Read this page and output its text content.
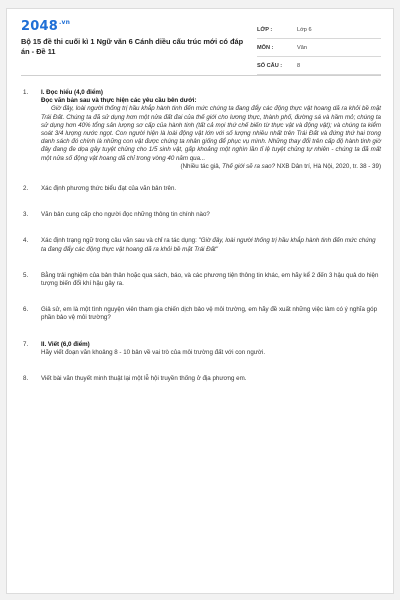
$2048^{.vn}$
Bộ 15 đề thi cuối kì 1 Ngữ văn 6 Cánh diều cấu trúc mới có đáp án - Đề 11
LỚP :	Lớp 6
MÔN :	Văn
SỐ CÂU :	8
1. I. Đọc hiểu (4,0 điểm)
Đọc văn bản sau và thực hiện các yêu cầu bên dưới:
Giờ đây, loài người thống trị hầu khắp hành tinh đến mức chúng ta đang đẩy các động thực vật hoang dã ra khỏi bề mặt Trái Đất. Chúng ta đã sử dụng hơn một nửa đất đai của thế giới cho lương thực, thành phố, đường sá và hầm mỏ; chúng ta sử dụng hơn 40% tổng sản lượng sơ cấp của hành tinh (tất cả mọi thứ chế biến từ thực vật và động vật); và chúng ta kiểm soát 3/4 lượng nước ngọt. Con người hiện là loài động vật lớn với số lượng nhiều nhất trên Trái Đất và đứng thứ hai trong danh sách đó chính là những con vật được chúng ta nhân giống để phục vụ mình. Những thay đổi trên cấp độ hành tinh giờ đây đang đe dọa gây tuyệt chủng cho 1/5 sinh vật, gấp khoảng một nghìn lần tỉ lệ tuyệt chủng tự nhiên - chúng ta đã mất một nửa số động vật hoang dã chỉ trong vòng 40 năm qua...
(Nhiều tác giả, Thế giới sẽ ra sao? NXB Dân trí, Hà Nội, 2020, tr. 38 - 39)
2. Xác định phương thức biểu đạt của văn bản trên.
3. Văn bản cung cấp cho người đọc những thông tin chính nào?
4. Xác định trạng ngữ trong câu văn sau và chỉ ra tác dụng: "Giờ đây, loài người thống trị hầu khắp hành tinh đến mức chúng ta đang đẩy các động thực vật hoang dã ra khỏi bề mặt Trái Đất"
5. Bằng trải nghiệm của bản thân hoặc qua sách, báo, và các phương tiện thông tin khác, em hãy kể 2 đến 3 hậu quả do hiện tượng biến đổi khí hậu gây ra.
6. Giả sử, em là một tình nguyện viên tham gia chiến dịch bảo vệ môi trường, em hãy đề xuất những việc làm có ý nghĩa góp phần bảo vệ môi trường?
7. II. Viết (6,0 điểm)
Hãy viết đoạn văn khoảng 8 - 10 bản về vai trò của môi trường đất với con người.
8. Viết bài văn thuyết minh thuật lại một lễ hội truyền thống ở địa phương em.
